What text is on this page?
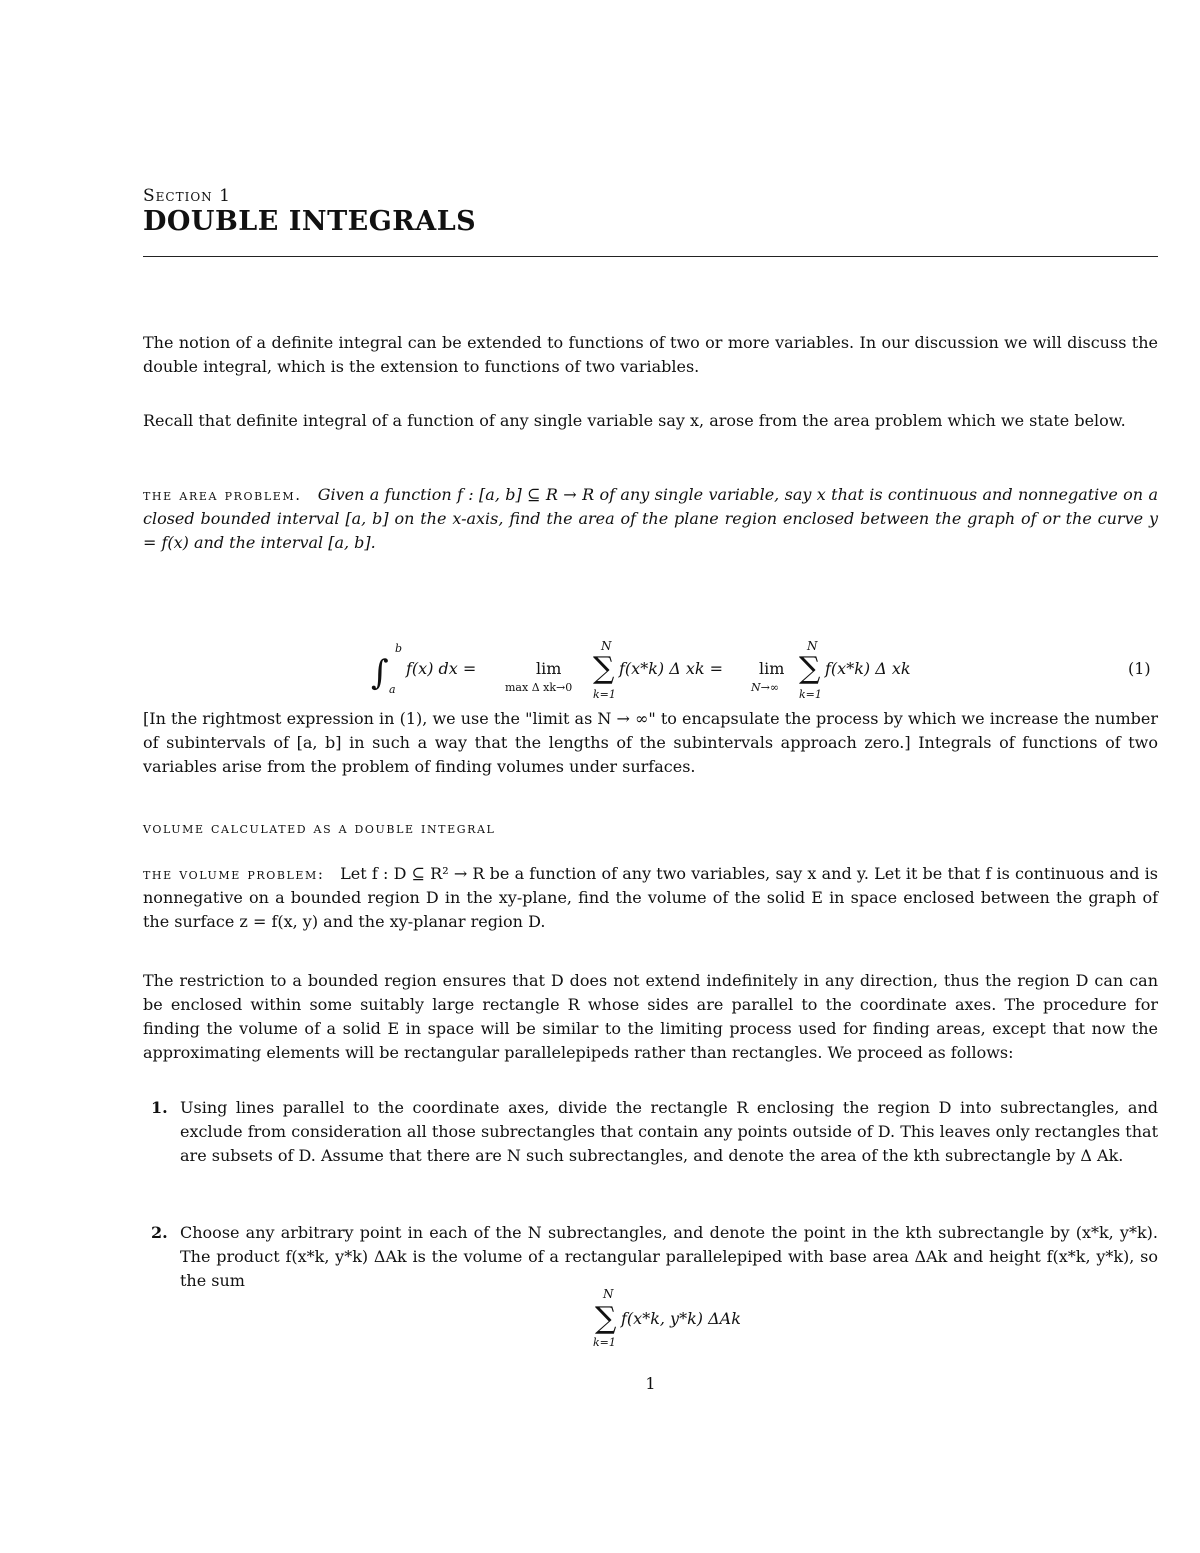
Section 1
DOUBLE INTEGRALS
The notion of a definite integral can be extended to functions of two or more variables. In our discussion we will discuss the double integral, which is the extension to functions of two variables.
Recall that definite integral of a function of any single variable say x, arose from the area problem which we state below.
the area problem. Given a function f : [a, b] ⊆ R → R of any single variable, say x that is continuous and nonnegative on a closed bounded interval [a, b] on the x-axis, find the area of the plane region enclosed between the graph of or the curve y = f(x) and the interval [a, b].
∫
b
a
f(x) dx =	lim
max Δ xk→0
N
∑
k=1
f(x*k) Δ xk = lim
N→∞
N
∑
k=1
f(x*k) Δ xk	(1)
[In the rightmost expression in (1), we use the "limit as N → ∞" to encapsulate the process by which we increase the number of subintervals of [a, b] in such a way that the lengths of the subintervals approach zero.] Integrals of functions of two variables arise from the problem of finding volumes under surfaces.
volume calculated as a double integral
the volume problem: Let f : D ⊆ R² → R be a function of any two variables, say x and y. Let it be that f is continuous and is nonnegative on a bounded region D in the xy-plane, find the volume of the solid E in space enclosed between the graph of the surface z = f(x, y) and the xy-planar region D.
The restriction to a bounded region ensures that D does not extend indefinitely in any direction, thus the region D can can be enclosed within some suitably large rectangle R whose sides are parallel to the coordinate axes. The procedure for finding the volume of a solid E in space will be similar to the limiting process used for finding areas, except that now the approximating elements will be rectangular parallelepipeds rather than rectangles. We proceed as follows:
1. Using lines parallel to the coordinate axes, divide the rectangle R enclosing the region D into subrectangles, and exclude from consideration all those subrectangles that contain any points outside of D. This leaves only rectangles that are subsets of D. Assume that there are N such subrectangles, and denote the area of the kth subrectangle by Δ Ak.
2. Choose any arbitrary point in each of the N subrectangles, and denote the point in the kth subrectangle by (x*k, y*k). The product f(x*k, y*k) ΔAk is the volume of a rectangular parallelepiped with base area ΔAk and height f(x*k, y*k), so the sum
N
∑
k=1
f(x*k, y*k) ΔAk
1
